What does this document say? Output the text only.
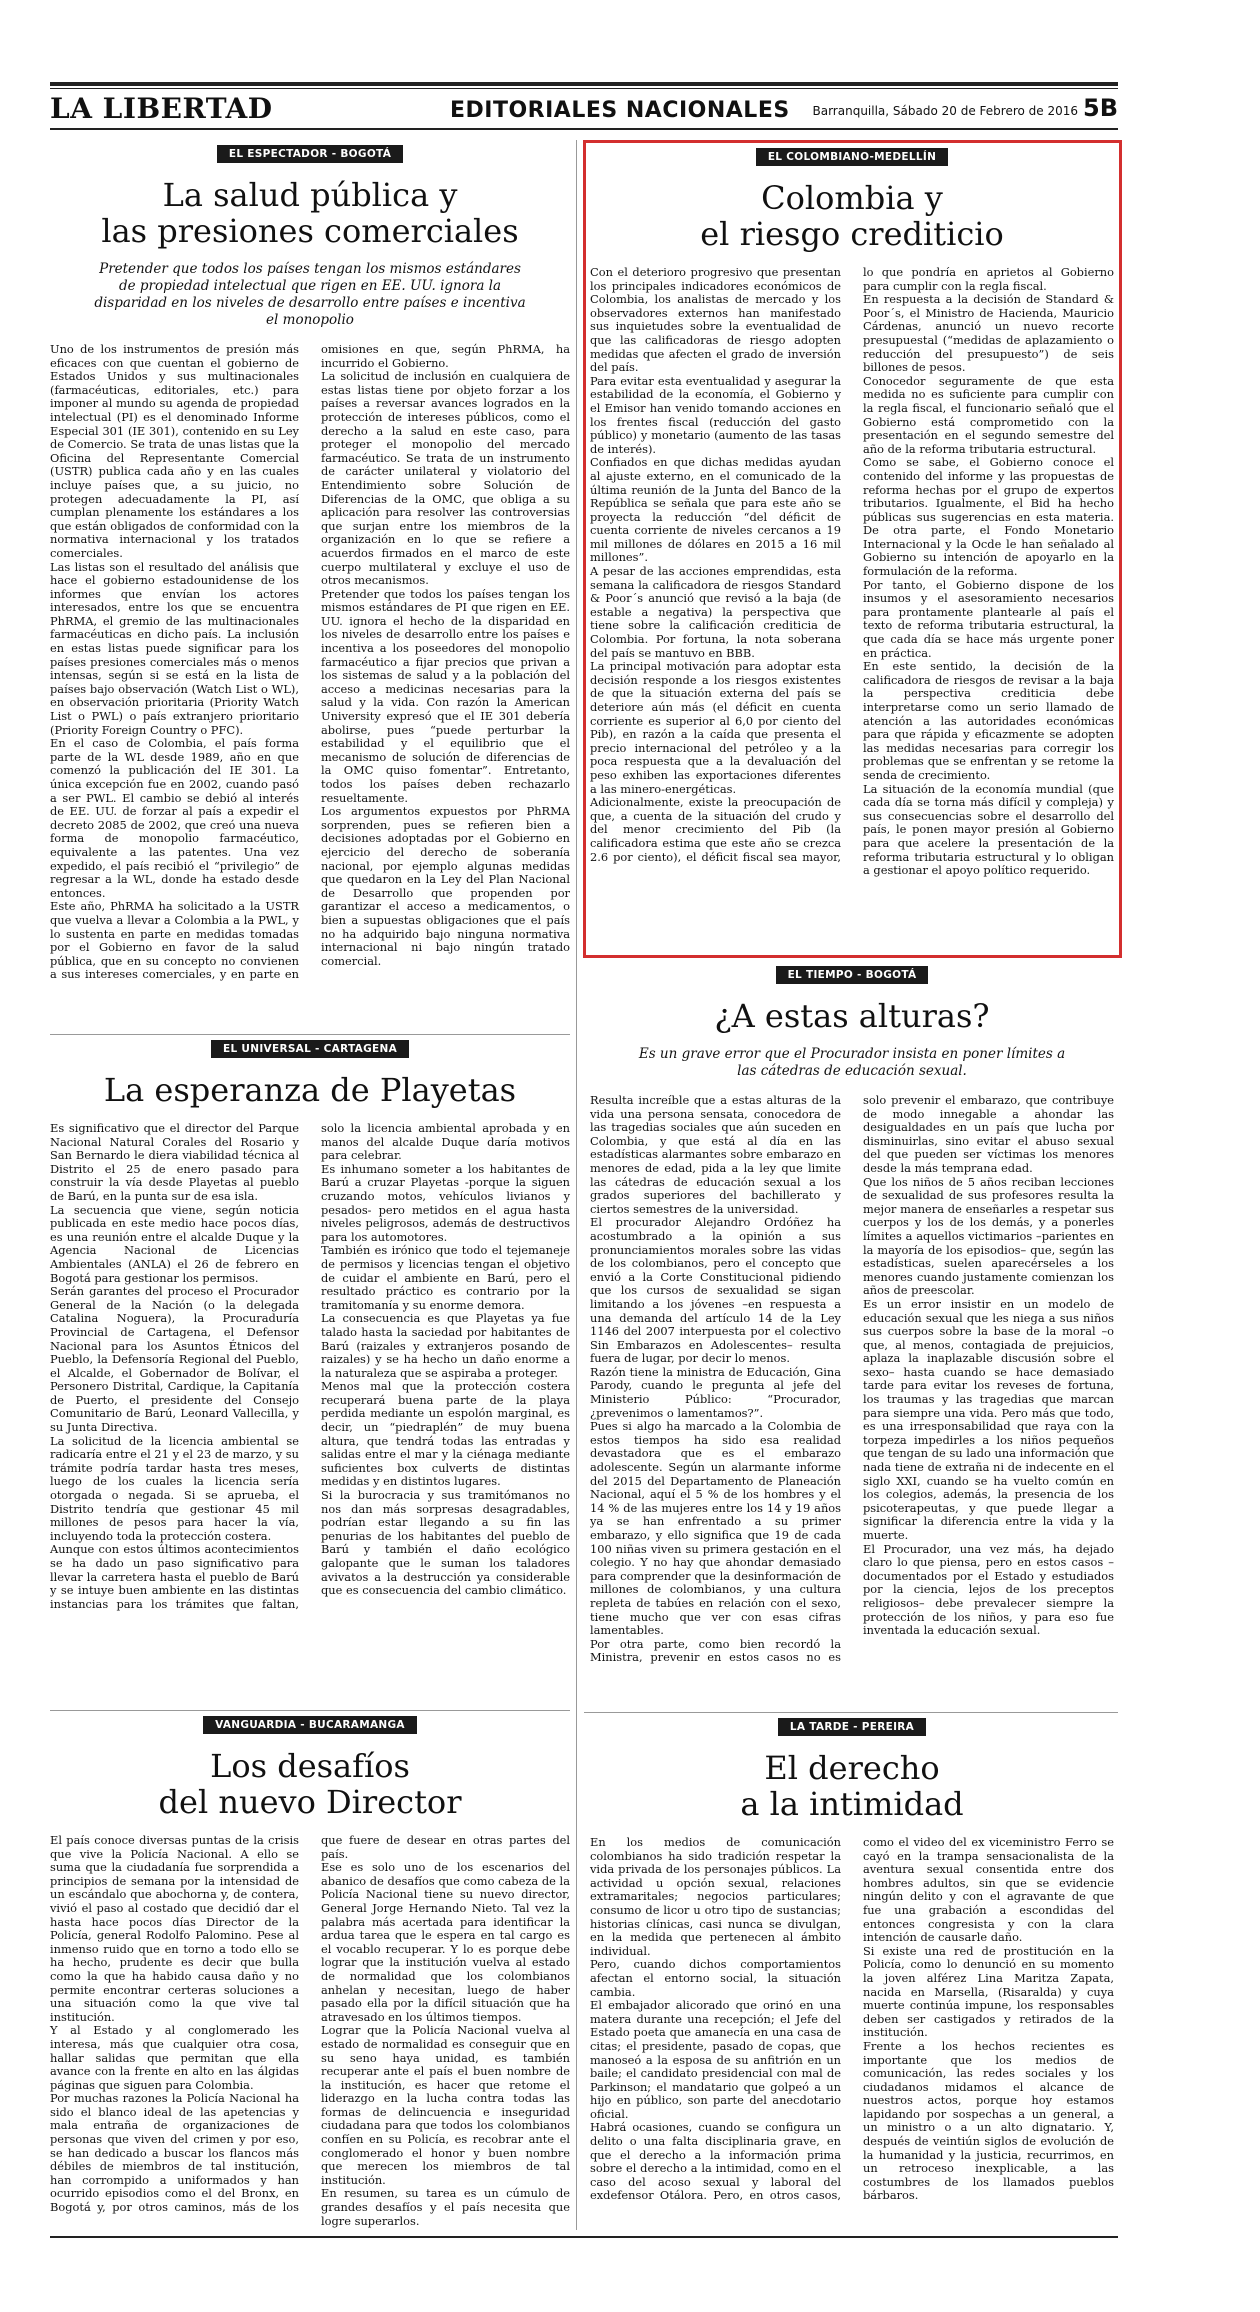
LA LIBERTAD	EDITORIALES NACIONALES Barranquilla, Sábado 20 de Febrero de 2016 5B
EL ESPECTADOR - BOGOTÁ
La salud pública y
las presiones comerciales
Pretender que todos los países tengan los mismos estándares de propiedad intelectual que rigen en EE. UU. ignora la disparidad en los niveles de desarrollo entre países e incentiva el monopolio

Uno de los instrumentos de presión más eficaces con que cuentan el gobierno de Estados Unidos y sus multinacionales (farmacéuticas, editoriales, etc.) para imponer al mundo su agenda de propiedad intelectual (PI) es el denominado Informe Especial 301 (IE 301), contenido en su Ley de Comercio. Se trata de unas listas que la Oficina del Representante Comercial (USTR) publica cada año y en las cuales incluye países que, a su juicio, no protegen adecuadamente la PI, así cumplan plenamente los estándares a los que están obligados de conformidad con la normativa internacional y los tratados comerciales.

Las listas son el resultado del análisis que hace el gobierno estadounidense de los informes que envían los actores interesados, entre los que se encuentra PhRMA, el gremio de las multinacionales farmacéuticas en dicho país. La inclusión en estas listas puede significar para los países presiones comerciales más o menos intensas, según si se está en la lista de países bajo observación (Watch List o WL), en observación prioritaria (Priority Watch List o PWL) o país extranjero prioritario (Priority Foreign Country o PFC).

En el caso de Colombia, el país forma parte de la WL desde 1989, año en que comenzó la publicación del IE 301. La única excepción fue en 2002, cuando pasó a ser PWL. El cambio se debió al interés de EE. UU. de forzar al país a expedir el decreto 2085 de 2002, que creó una nueva forma de monopolio farmacéutico, equivalente a las patentes. Una vez expedido, el país recibió el “privilegio” de regresar a la WL, donde ha estado desde entonces.

Este año, PhRMA ha solicitado a la USTR que vuelva a llevar a Colombia a la PWL, y lo sustenta en parte en medidas tomadas por el Gobierno en favor de la salud pública, que en su concepto no convienen a sus intereses comerciales, y en parte en omisiones en que, según PhRMA, ha incurrido el Gobierno.

La solicitud de inclusión en cualquiera de estas listas tiene por objeto forzar a los países a reversar avances logrados en la protección de intereses públicos, como el derecho a la salud en este caso, para proteger el monopolio del mercado farmacéutico. Se trata de un instrumento de carácter unilateral y violatorio del Entendimiento sobre Solución de Diferencias de la OMC, que obliga a su aplicación para resolver las controversias que surjan entre los miembros de la organización en lo que se refiere a acuerdos firmados en el marco de este cuerpo multilateral y excluye el uso de otros mecanismos.

Pretender que todos los países tengan los mismos estándares de PI que rigen en EE. UU. ignora el hecho de la disparidad en los niveles de desarrollo entre los países e incentiva a los poseedores del monopolio farmacéutico a fijar precios que privan a los sistemas de salud y a la población del acceso a medicinas necesarias para la salud y la vida. Con razón la American University expresó que el IE 301 debería abolirse, pues “puede perturbar la estabilidad y el equilibrio que el mecanismo de solución de diferencias de la OMC quiso fomentar”. Entretanto, todos los países deben rechazarlo resueltamente.

Los argumentos expuestos por PhRMA sorprenden, pues se refieren bien a decisiones adoptadas por el Gobierno en ejercicio del derecho de soberanía nacional, por ejemplo algunas medidas que quedaron en la Ley del Plan Nacional de Desarrollo que propenden por garantizar el acceso a medicamentos, o bien a supuestas obligaciones que el país no ha adquirido bajo ninguna normativa internacional ni bajo ningún tratado comercial.

EL COLOMBIANO-MEDELLÍN
Colombia y
el riesgo crediticio

Con el deterioro progresivo que presentan los principales indicadores económicos de Colombia, los analistas de mercado y los observadores externos han manifestado sus inquietudes sobre la eventualidad de que las calificadoras de riesgo adopten medidas que afecten el grado de inversión del país.

Para evitar esta eventualidad y asegurar la estabilidad de la economía, el Gobierno y el Emisor han venido tomando acciones en los frentes fiscal (reducción del gasto público) y monetario (aumento de las tasas de interés).

Confiados en que dichas medidas ayudan al ajuste externo, en el comunicado de la última reunión de la Junta del Banco de la República se señala que para este año se proyecta la reducción “del déficit de cuenta corriente de niveles cercanos a 19 mil millones de dólares en 2015 a 16 mil millones”.

A pesar de las acciones emprendidas, esta semana la calificadora de riesgos Standard & Poor´s anunció que revisó a la baja (de estable a negativa) la perspectiva que tiene sobre la calificación crediticia de Colombia. Por fortuna, la nota soberana del país se mantuvo en BBB.

La principal motivación para adoptar esta decisión responde a los riesgos existentes de que la situación externa del país se deteriore aún más (el déficit en cuenta corriente es superior al 6,0 por ciento del Pib), en razón a la caída que presenta el precio internacional del petróleo y a la poca respuesta que a la devaluación del peso exhiben las exportaciones diferentes a las minero-energéticas.

Adicionalmente, existe la preocupación de que, a cuenta de la situación del crudo y del menor crecimiento del Pib (la calificadora estima que este año se crezca 2.6 por ciento), el déficit fiscal sea mayor, lo que pondría en aprietos al Gobierno para cumplir con la regla fiscal.

En respuesta a la decisión de Standard & Poor´s, el Ministro de Hacienda, Mauricio Cárdenas, anunció un nuevo recorte presupuestal (“medidas de aplazamiento o reducción del presupuesto”) de seis billones de pesos.

Conocedor seguramente de que esta medida no es suficiente para cumplir con la regla fiscal, el funcionario señaló que el Gobierno está comprometido con la presentación en el segundo semestre del año de la reforma tributaria estructural.

Como se sabe, el Gobierno conoce el contenido del informe y las propuestas de reforma hechas por el grupo de expertos tributarios. Igualmente, el Bid ha hecho públicas sus sugerencias en esta materia. De otra parte, el Fondo Monetario Internacional y la Ocde le han señalado al Gobierno su intención de apoyarlo en la formulación de la reforma.

Por tanto, el Gobierno dispone de los insumos y el asesoramiento necesarios para prontamente plantearle al país el texto de reforma tributaria estructural, la que cada día se hace más urgente poner en práctica.

En este sentido, la decisión de la calificadora de riesgos de revisar a la baja la perspectiva crediticia debe interpretarse como un serio llamado de atención a las autoridades económicas para que rápida y eficazmente se adopten las medidas necesarias para corregir los problemas que se enfrentan y se retome la senda de crecimiento.

La situación de la economía mundial (que cada día se torna más difícil y compleja) y sus consecuencias sobre el desarrollo del país, le ponen mayor presión al Gobierno para que acelere la presentación de la reforma tributaria estructural y lo obligan a gestionar el apoyo político requerido.

EL UNIVERSAL - CARTAGENA
La esperanza de Playetas

Es significativo que el director del Parque Nacional Natural Corales del Rosario y San Bernardo le diera viabilidad técnica al Distrito el 25 de enero pasado para construir la vía desde Playetas al pueblo de Barú, en la punta sur de esa isla.

La secuencia que viene, según noticia publicada en este medio hace pocos días, es una reunión entre el alcalde Duque y la Agencia Nacional de Licencias Ambientales (ANLA) el 26 de febrero en Bogotá para gestionar los permisos.

Serán garantes del proceso el Procurador General de la Nación (o la delegada Catalina Noguera), la Procuraduría Provincial de Cartagena, el Defensor Nacional para los Asuntos Étnicos del Pueblo, la Defensoría Regional del Pueblo, el Alcalde, el Gobernador de Bolívar, el Personero Distrital, Cardique, la Capitanía de Puerto, el presidente del Consejo Comunitario de Barú, Leonard Vallecilla, y su Junta Directiva.

La solicitud de la licencia ambiental se radicaría entre el 21 y el 23 de marzo, y su trámite podría tardar hasta tres meses, luego de los cuales la licencia sería otorgada o negada. Si se aprueba, el Distrito tendría que gestionar 45 mil millones de pesos para hacer la vía, incluyendo toda la protección costera.

Aunque con estos últimos acontecimientos se ha dado un paso significativo para llevar la carretera hasta el pueblo de Barú y se intuye buen ambiente en las distintas instancias para los trámites que faltan, solo la licencia ambiental aprobada y en manos del alcalde Duque daría motivos para celebrar.

Es inhumano someter a los habitantes de Barú a cruzar Playetas -porque la siguen cruzando motos, vehículos livianos y pesados- pero metidos en el agua hasta niveles peligrosos, además de destructivos para los automotores.

También es irónico que todo el tejemaneje de permisos y licencias tengan el objetivo de cuidar el ambiente en Barú, pero el resultado práctico es contrario por la tramitomanía y su enorme demora.

La consecuencia es que Playetas ya fue talado hasta la saciedad por habitantes de Barú (raizales y extranjeros posando de raizales) y se ha hecho un daño enorme a la naturaleza que se aspiraba a proteger.

Menos mal que la protección costera recuperará buena parte de la playa perdida mediante un espolón marginal, es decir, un “piedraplén” de muy buena altura, que tendrá todas las entradas y salidas entre el mar y la ciénaga mediante suficientes box culverts de distintas medidas y en distintos lugares.

Si la burocracia y sus tramitómanos no nos dan más sorpresas desagradables, podrían estar llegando a su fin las penurias de los habitantes del pueblo de Barú y también el daño ecológico galopante que le suman los taladores avivatos a la destrucción ya considerable que es consecuencia del cambio climático.

VANGUARDIA - BUCARAMANGA
Los desafíos
del nuevo Director

El país conoce diversas puntas de la crisis que vive la Policía Nacional. A ello se suma que la ciudadanía fue sorprendida a principios de semana por la intensidad de un escándalo que abochorna y, de contera, vivió el paso al costado que decidió dar el hasta hace pocos días Director de la Policía, general Rodolfo Palomino. Pese al inmenso ruido que en torno a todo ello se ha hecho, prudente es decir que bulla como la que ha habido causa daño y no permite encontrar certeras soluciones a una situación como la que vive tal institución.

Y al Estado y al conglomerado les interesa, más que cualquier otra cosa, hallar salidas que permitan que ella avance con la frente en alto en las álgidas páginas que siguen para Colombia.

Por muchas razones la Policía Nacional ha sido el blanco ideal de las apetencias y mala entraña de organizaciones de personas que viven del crimen y por eso, se han dedicado a buscar los flancos más débiles de miembros de tal institución, han corrompido a uniformados y han ocurrido episodios como el del Bronx, en Bogotá y, por otros caminos, más de los que fuere de desear en otras partes del país.

Ese es solo uno de los escenarios del abanico de desafíos que como cabeza de la Policía Nacional tiene su nuevo director, General Jorge Hernando Nieto. Tal vez la palabra más acertada para identificar la ardua tarea que le espera en tal cargo es el vocablo recuperar. Y lo es porque debe lograr que la institución vuelva al estado de normalidad que los colombianos anhelan y necesitan, luego de haber pasado ella por la difícil situación que ha atravesado en los últimos tiempos.

Lograr que la Policía Nacional vuelva al estado de normalidad es conseguir que en su seno haya unidad, es también recuperar ante el país el buen nombre de la institución, es hacer que retome el liderazgo en la lucha contra todas las formas de delincuencia e inseguridad ciudadana para que todos los colombianos confíen en su Policía, es recobrar ante el conglomerado el honor y buen nombre que merecen los miembros de tal institución.

En resumen, su tarea es un cúmulo de grandes desafíos y el país necesita que logre superarlos.

EL TIEMPO - BOGOTÁ
¿A estas alturas?
Es un grave error que el Procurador insista en poner límites a las cátedras de educación sexual.

Resulta increíble que a estas alturas de la vida una persona sensata, conocedora de las tragedias sociales que aún suceden en Colombia, y que está al día en las estadísticas alarmantes sobre embarazo en menores de edad, pida a la ley que limite las cátedras de educación sexual a los grados superiores del bachillerato y ciertos semestres de la universidad.

El procurador Alejandro Ordóñez ha acostumbrado a la opinión a sus pronunciamientos morales sobre las vidas de los colombianos, pero el concepto que envió a la Corte Constitucional pidiendo que los cursos de sexualidad se sigan limitando a los jóvenes –en respuesta a una demanda del artículo 14 de la Ley 1146 del 2007 interpuesta por el colectivo Sin Embarazos en Adolescentes– resulta fuera de lugar, por decir lo menos.

Razón tiene la ministra de Educación, Gina Parody, cuando le pregunta al jefe del Ministerio Público: “Procurador, ¿prevenimos o lamentamos?”.

Pues si algo ha marcado a la Colombia de estos tiempos ha sido esa realidad devastadora que es el embarazo adolescente. Según un alarmante informe del 2015 del Departamento de Planeación Nacional, aquí el 5 % de los hombres y el 14 % de las mujeres entre los 14 y 19 años ya se han enfrentado a su primer embarazo, y ello significa que 19 de cada 100 niñas viven su primera gestación en el colegio. Y no hay que ahondar demasiado para comprender que la desinformación de millones de colombianos, y una cultura repleta de tabúes en relación con el sexo, tiene mucho que ver con esas cifras lamentables.

Por otra parte, como bien recordó la Ministra, prevenir en estos casos no es solo prevenir el embarazo, que contribuye de modo innegable a ahondar las desigualdades en un país que lucha por disminuirlas, sino evitar el abuso sexual del que pueden ser víctimas los menores desde la más temprana edad.

Que los niños de 5 años reciban lecciones de sexualidad de sus profesores resulta la mejor manera de enseñarles a respetar sus cuerpos y los de los demás, y a ponerles límites a aquellos victimarios –parientes en la mayoría de los episodios– que, según las estadísticas, suelen aparecérseles a los menores cuando justamente comienzan los años de preescolar.

Es un error insistir en un modelo de educación sexual que les niega a sus niños sus cuerpos sobre la base de la moral –o que, al menos, contagiada de prejuicios, aplaza la inaplazable discusión sobre el sexo– hasta cuando se hace demasiado tarde para evitar los reveses de fortuna, los traumas y las tragedias que marcan para siempre una vida. Pero más que todo, es una irresponsabilidad que raya con la torpeza impedirles a los niños pequeños que tengan de su lado una información que nada tiene de extraña ni de indecente en el siglo XXI, cuando se ha vuelto común en los colegios, además, la presencia de los psicoterapeutas, y que puede llegar a significar la diferencia entre la vida y la muerte.

El Procurador, una vez más, ha dejado claro lo que piensa, pero en estos casos –documentados por el Estado y estudiados por la ciencia, lejos de los preceptos religiosos– debe prevalecer siempre la protección de los niños, y para eso fue inventada la educación sexual.

LA TARDE - PEREIRA
El derecho
a la intimidad

En los medios de comunicación colombianos ha sido tradición respetar la vida privada de los personajes públicos. La actividad u opción sexual, relaciones extramaritales; negocios particulares; consumo de licor u otro tipo de sustancias; historias clínicas, casi nunca se divulgan, en la medida que pertenecen al ámbito individual.

Pero, cuando dichos comportamientos afectan el entorno social, la situación cambia.

El embajador alicorado que orinó en una matera durante una recepción; el Jefe del Estado poeta que amanecía en una casa de citas; el presidente, pasado de copas, que manoseó a la esposa de su anfitrión en un baile; el candidato presidencial con mal de Parkinson; el mandatario que golpeó a un hijo en público, son parte del anecdotario oficial.

Habrá ocasiones, cuando se configura un delito o una falta disciplinaria grave, en que el derecho a la información prima sobre el derecho a la intimidad, como en el caso del acoso sexual y laboral del exdefensor Otálora. Pero, en otros casos, como el video del ex viceministro Ferro se cayó en la trampa sensacionalista de la aventura sexual consentida entre dos hombres adultos, sin que se evidencie ningún delito y con el agravante de que fue una grabación a escondidas del entonces congresista y con la clara intención de causarle daño.

Si existe una red de prostitución en la Policía, como lo denunció en su momento la joven alférez Lina Maritza Zapata, nacida en Marsella, (Risaralda) y cuya muerte continúa impune, los responsables deben ser castigados y retirados de la institución.

Frente a los hechos recientes es importante que los medios de comunicación, las redes sociales y los ciudadanos midamos el alcance de nuestros actos, porque hoy estamos lapidando por sospechas a un general, a un ministro o a un alto dignatario. Y, después de veintiún siglos de evolución de la humanidad y la justicia, recurrimos, en un retroceso inexplicable, a las costumbres de los llamados pueblos bárbaros.
